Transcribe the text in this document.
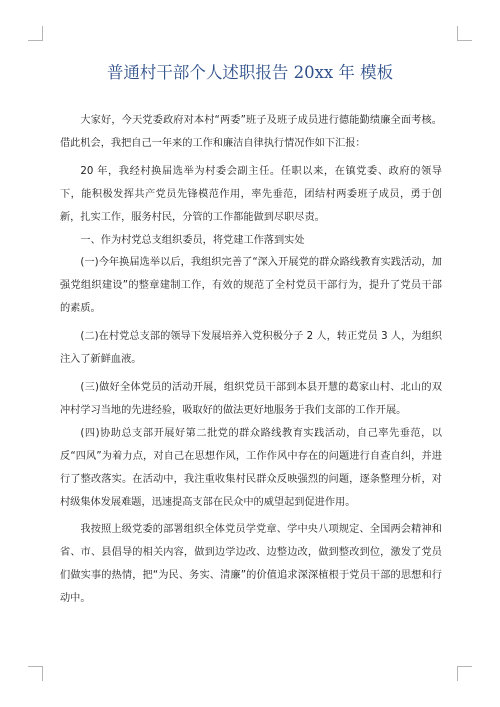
普通村干部个人述职报告 20xx 年 模板

大家好，今天党委政府对本村“两委”班子及班子成员进行德能勤绩廉全面考核。借此机会，我把自己一年来的工作和廉洁自律执行情况作如下汇报：

20 年，我经村换届选举为村委会副主任。任职以来，在镇党委、政府的领导下，能积极发挥共产党员先锋模范作用，率先垂范，团结村两委班子成员，勇于创新，扎实工作，服务村民，分管的工作都能做到尽职尽责。

一、作为村党总支组织委员，将党建工作落到实处

(一)今年换届选举以后，我组织完善了“深入开展党的群众路线教育实践活动，加强党组织建设”的整章建制工作，有效的规范了全村党员干部行为，提升了党员干部的素质。

(二)在村党总支部的领导下发展培养入党积极分子 2 人，转正党员 3 人，为组织注入了新鲜血液。

(三)做好全体党员的活动开展，组织党员干部到本县开慧的葛家山村、北山的双冲村学习当地的先进经验，吸取好的做法更好地服务于我们支部的工作开展。

(四)协助总支部开展好第二批党的群众路线教育实践活动，自己率先垂范，以反“四风”为着力点，对自己在思想作风，工作作风中存在的问题进行自查自纠，并进行了整改落实。在活动中，我注重收集村民群众反映强烈的问题，逐条整理分析，对村级集体发展难题，迅速提高支部在民众中的威望起到促进作用。

我按照上级党委的部署组织全体党员学党章、学中央八项规定、全国两会精神和省、市、县倡导的相关内容，做到边学边改、边整边改，做到整改到位，激发了党员们做实事的热情，把“为民、务实、清廉”的价值追求深深植根于党员干部的思想和行动中。
